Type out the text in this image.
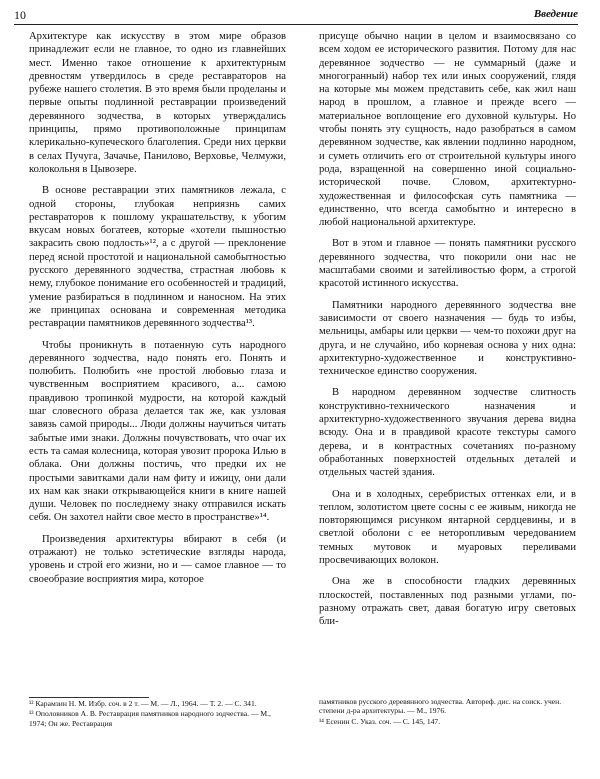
10	Введение

Архитектуре как искусству в этом мире образов принадлежит если не главное, то одно из главнейших мест. Именно такое отношение к архитектурным древностям утвердилось в среде реставраторов на рубеже нашего столетия. В это время были проделаны и первые опыты подлинной реставрации произведений деревянного зодчества, в которых утверждались принципы, прямо противоположные принципам клерикально-купеческого благолепия. Среди них церкви в селах Пучуга, Зачачье, Панилово, Верховье, Челмужи, колокольня в Цывозере.

В основе реставрации этих памятников лежала, с одной стороны, глубокая неприязнь самих реставраторов к пошлому украшательству, к убогим вкусам новых богатеев, которые «хотели пышностью закрасить свою подлость»¹², а с другой — преклонение перед ясной простотой и национальной самобытностью русского деревянного зодчества, страстная любовь к нему, глубокое понимание его особенностей и традиций, умение разбираться в подлинном и наносном. На этих же принципах основана и современная методика реставрации памятников деревянного зодчества¹³.

Чтобы проникнуть в потаенную суть народного деревянного зодчества, надо понять его. Понять и полюбить. Полюбить «не простой любовью глаза и чувственным восприятием красивого, а... самою правдивою тропинкой мудрости, на которой каждый шаг словесного образа делается так же, как узловая завязь самой природы... Люди должны научиться читать забытые ими знаки. Должны почувствовать, что очаг их есть та самая колесница, которая увозит пророка Илью в облака. Они должны постичь, что предки их не простыми завитками дали нам фиту и ижицу, они дали их нам как знаки открывающейся книги в книге нашей души. Человек по последнему знаку отправился искать себя. Он захотел найти свое место в пространстве»¹⁴.

Произведения архитектуры вбирают в себя (и отражают) не только эстетические взгляды народа, уровень и строй его жизни, но и — самое главное — то своеобразие восприятия мира, которое

присуще обычно нации в целом и взаимосвязано со всем ходом ее исторического развития. Потому для нас деревянное зодчество — не суммарный (даже и многогранный) набор тех или иных сооружений, глядя на которые мы можем представить себе, как жил наш народ в прошлом, а главное и прежде всего — материальное воплощение его духовной культуры. Но чтобы понять эту сущность, надо разобраться в самом деревянном зодчестве, как явлении подлинно народном, и суметь отличить его от строительной культуры иного рода, взращенной на совершенно иной социально-исторической почве. Словом, архитектурно-художественная и философская суть памятника — единственно, что всегда самобытно и интересно в любой национальной архитектуре.

Вот в этом и главное — понять памятники русского деревянного зодчества, что покорили они нас не масштабами своими и затейливостью форм, а строгой красотой истинного искусства.

Памятники народного деревянного зодчества вне зависимости от своего назначения — будь то избы, мельницы, амбары или церкви — чем-то похожи друг на друга, и не случайно, ибо корневая основа у них одна: архитектурно-художественное и конструктивно-техническое единство сооружения.

В народном деревянном зодчестве слитность конструктивно-технического назначения и архитектурно-художественного звучания дерева видна всюду. Она и в правдивой красоте текстуры самого дерева, и в контрастных сочетаниях по-разному обработанных поверхностей отдельных деталей и отдельных частей здания.

Она и в холодных, серебристых оттенках ели, и в теплом, золотистом цвете сосны с ее живым, никогда не повторяющимся рисунком янтарной сердцевины, и в светлой оболони с ее неторопливым чередованием темных мутовок и муаровых переливами просвечивающих волокон.

Она же в способности гладких деревянных плоскостей, поставленных под разными углами, по-разному отражать свет, давая богатую игру световых бли-

¹² Карамзин Н. М. Избр. соч. в 2 т. — М. — Л., 1964. — Т. 2. — С. 341.
¹³ Ополовников А. В. Реставрация памятников народного зодчества. — М., 1974; Он же. Реставрация
памятников русского деревянного зодчества. Автореф. дис. на соиск. учен. степени д-ра архитектуры. — М., 1976.
¹⁴ Есенин С. Указ. соч. — С. 145, 147.
